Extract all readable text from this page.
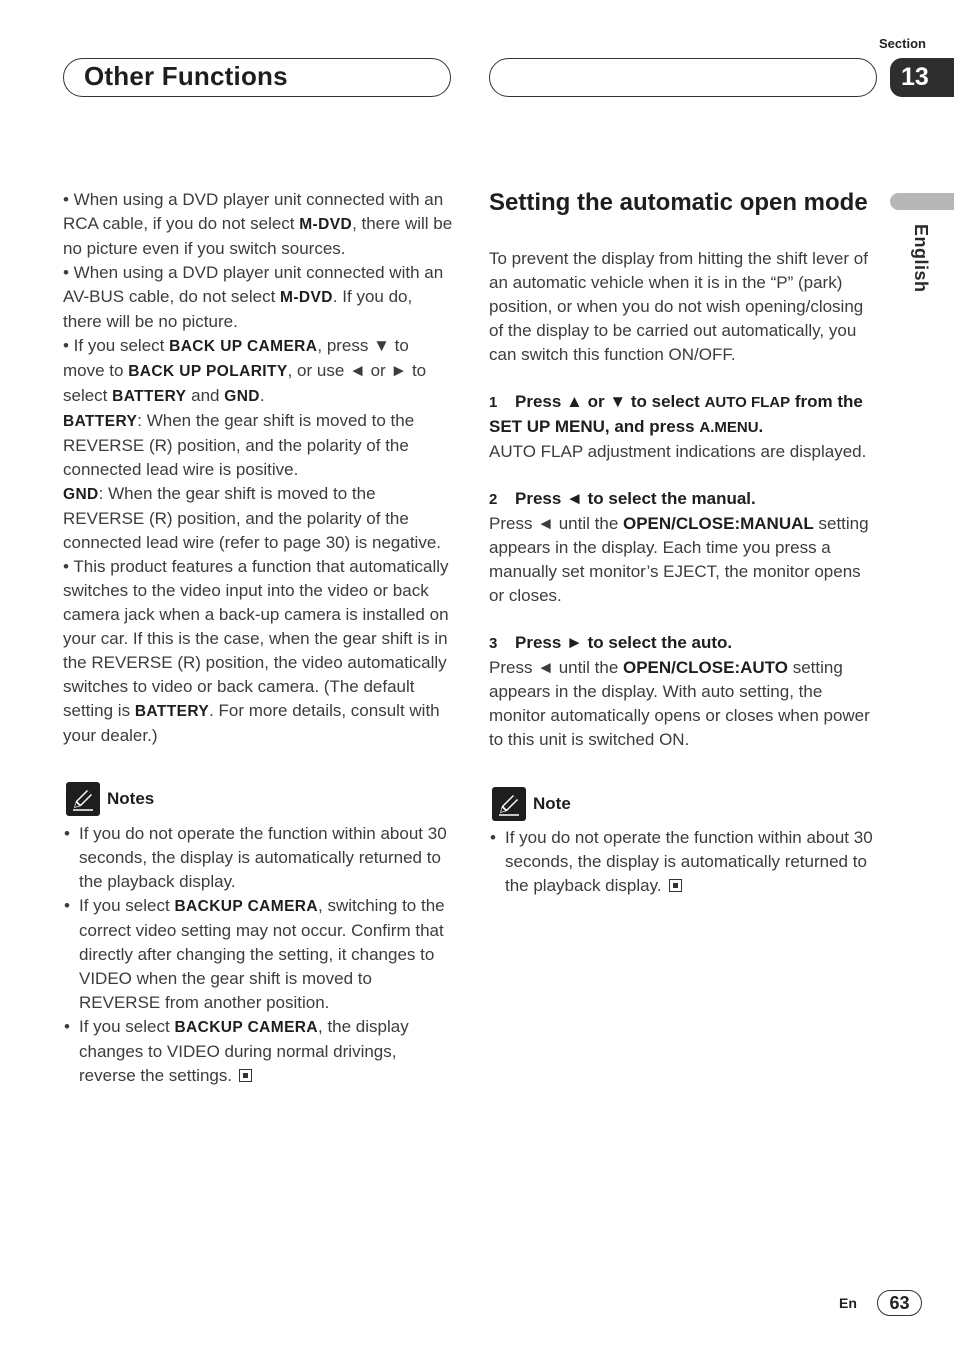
Other Functions
Section
13
English

• When using a DVD player unit connected with an RCA cable, if you do not select M-DVD, there will be no picture even if you switch sources.

• When using a DVD player unit connected with an AV-BUS cable, do not select M-DVD. If you do, there will be no picture.

• If you select BACK UP CAMERA, press ▼ to move to BACK UP POLARITY, or use ◄ or ► to select BATTERY and GND.

BATTERY: When the gear shift is moved to the REVERSE (R) position, and the polarity of the connected lead wire is positive.

GND: When the gear shift is moved to the REVERSE (R) position, and the polarity of the connected lead wire (refer to page 30) is negative.

• This product features a function that automatically switches to the video input into the video or back camera jack when a back-up camera is installed on your car. If this is the case, when the gear shift is in the REVERSE (R) position, the video automatically switches to video or back camera. (The default setting is BATTERY. For more details, consult with your dealer.)

Notes
• If you do not operate the function within about 30 seconds, the display is automatically returned to the playback display.
• If you select BACKUP CAMERA, switching to the correct video setting may not occur. Confirm that directly after changing the setting, it changes to VIDEO when the gear shift is moved to REVERSE from another position.
• If you select BACKUP CAMERA, the display changes to VIDEO during normal drivings, reverse the settings.

Setting the automatic open mode

To prevent the display from hitting the shift lever of an automatic vehicle when it is in the “P” (park) position, or when you do not wish opening/closing of the display to be carried out automatically, you can switch this function ON/OFF.

1 Press ▲ or ▼ to select AUTO FLAP from the SET UP MENU, and press A.MENU.

AUTO FLAP adjustment indications are displayed.

2 Press ◄ to select the manual.

Press ◄ until the OPEN/CLOSE:MANUAL setting appears in the display. Each time you press a manually set monitor’s EJECT, the monitor opens or closes.

3 Press ► to select the auto.

Press ◄ until the OPEN/CLOSE:AUTO setting appears in the display. With auto setting, the monitor automatically opens or closes when power to this unit is switched ON.

Note
• If you do not operate the function within about 30 seconds, the display is automatically returned to the playback display.
En	63
